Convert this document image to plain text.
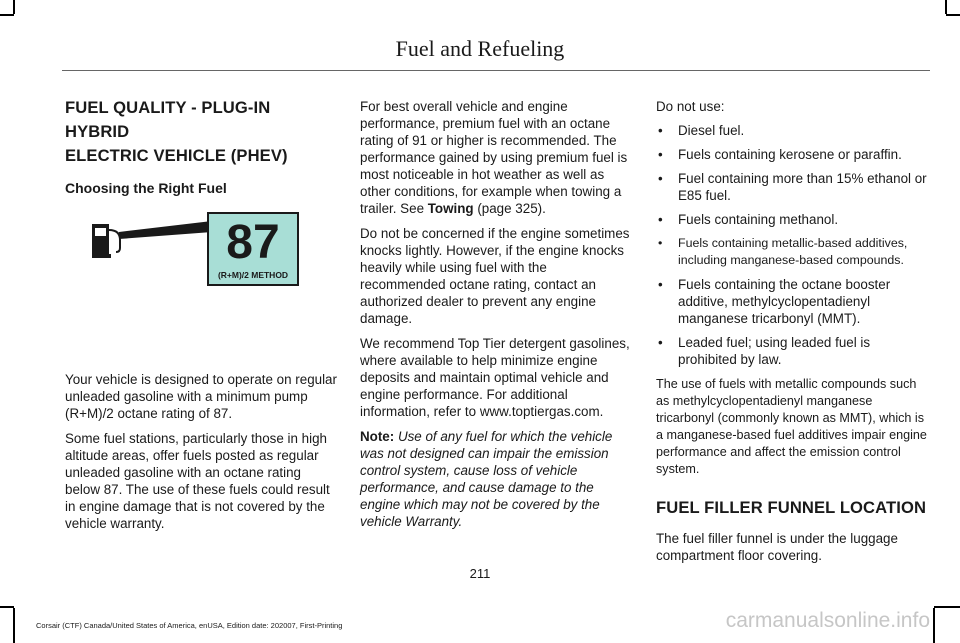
Fuel and Refueling
FUEL QUALITY - PLUG-IN HYBRID
ELECTRIC VEHICLE (PHEV)
Choosing the Right Fuel

Your vehicle is designed to operate on regular unleaded gasoline with a minimum pump (R+M)/2 octane rating of 87.

Some fuel stations, particularly those in high altitude areas, offer fuels posted as regular unleaded gasoline with an octane rating below 87. The use of these fuels could result in engine damage that is not covered by the vehicle warranty.

87
(R+M)/2 METHOD

For best overall vehicle and engine performance, premium fuel with an octane rating of 91 or higher is recommended. The performance gained by using premium fuel is most noticeable in hot weather as well as other conditions, for example when towing a trailer. See Towing (page 325).

Do not be concerned if the engine sometimes knocks lightly. However, if the engine knocks heavily while using fuel with the recommended octane rating, contact an authorized dealer to prevent any engine damage.

We recommend Top Tier detergent gasolines, where available to help minimize engine deposits and maintain optimal vehicle and engine performance. For additional information, refer to www.toptiergas.com.

Note: Use of any fuel for which the vehicle was not designed can impair the emission control system, cause loss of vehicle performance, and cause damage to the engine which may not be covered by the vehicle Warranty.

Do not use:

• Diesel fuel.
• Fuels containing kerosene or paraffin.
• Fuel containing more than 15% ethanol or E85 fuel.
• Fuels containing methanol.
• Fuels containing metallic-based additives, including manganese-based compounds.
• Fuels containing the octane booster additive, methylcyclopentadienyl manganese tricarbonyl (MMT).
• Leaded fuel; using leaded fuel is prohibited by law.

The use of fuels with metallic compounds such as methylcyclopentadienyl manganese tricarbonyl (commonly known as MMT), which is a manganese-based fuel additives impair engine performance and affect the emission control system.

FUEL FILLER FUNNEL LOCATION

The fuel filler funnel is under the luggage compartment floor covering.

211
Corsair (CTF) Canada/United States of America, enUSA, Edition date: 202007, First-Printing	carmanualsonline.info
